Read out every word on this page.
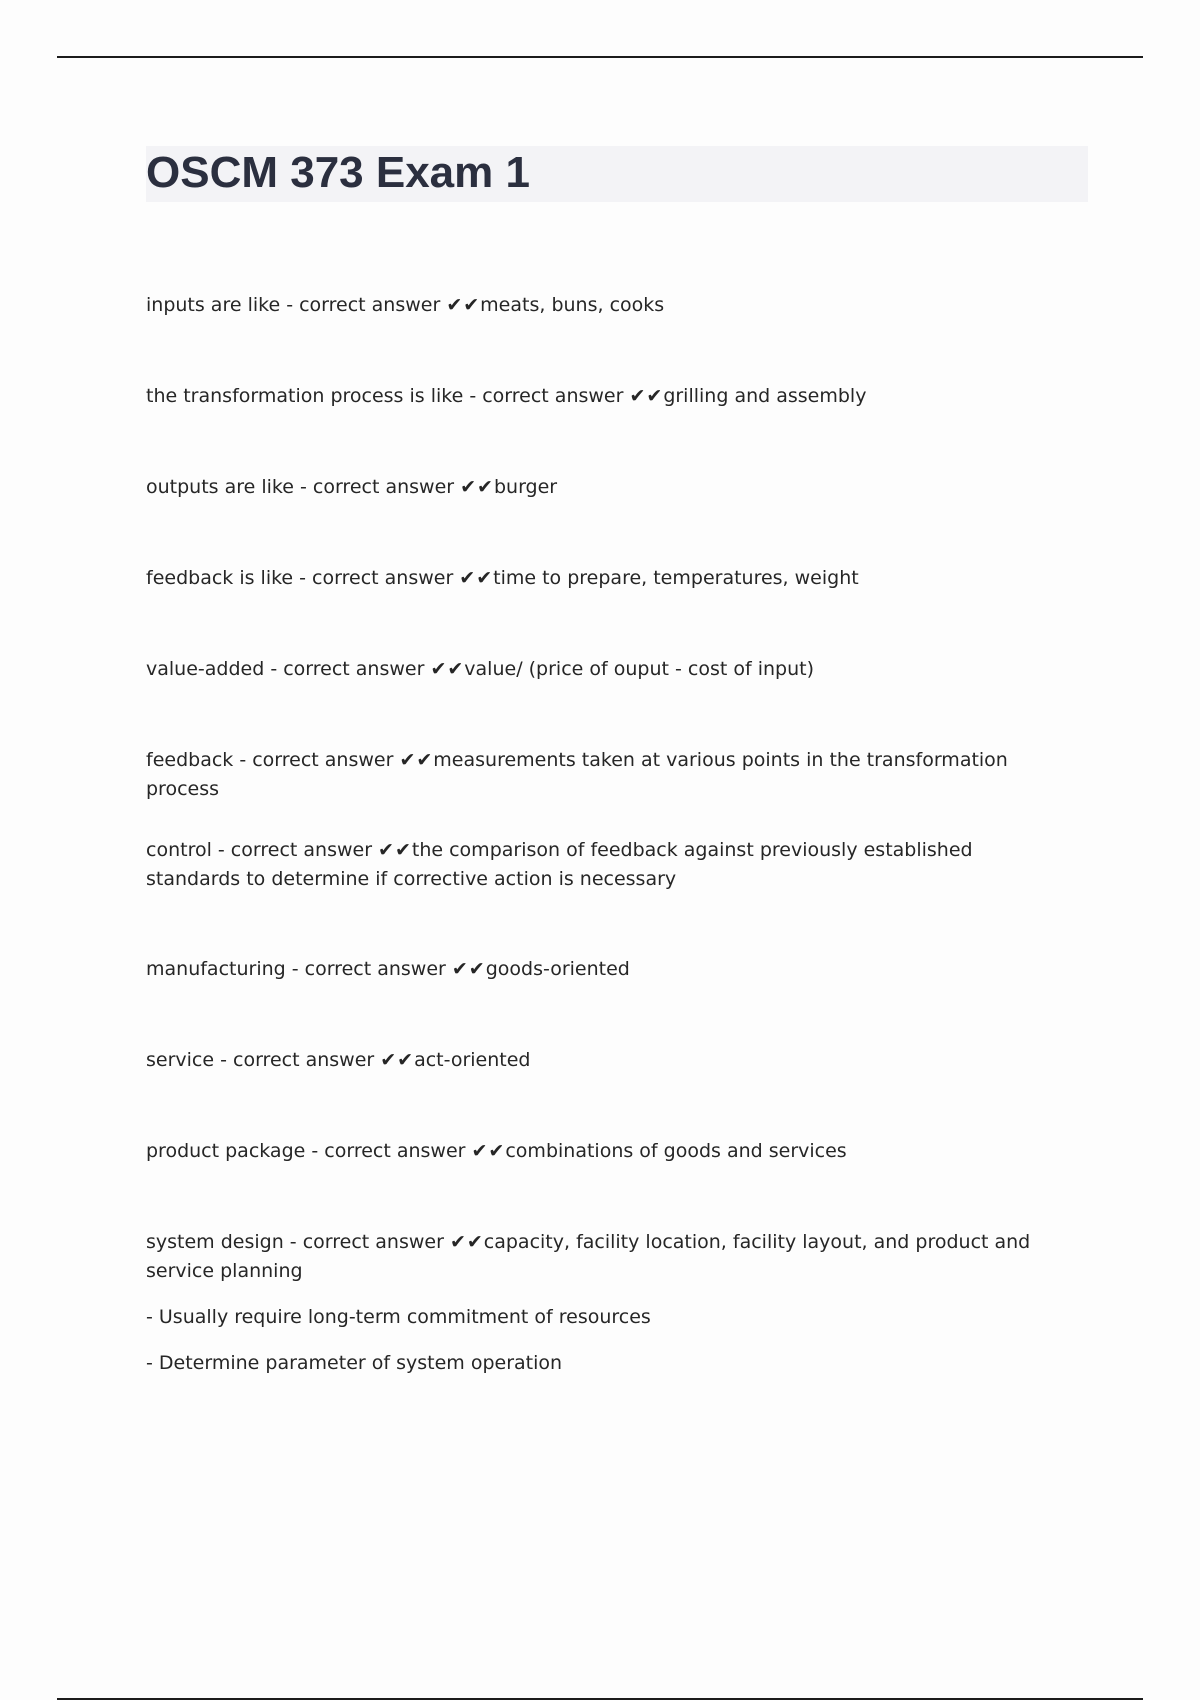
OSCM 373 Exam 1

inputs are like - correct answer ✔✔meats, buns, cooks

the transformation process is like - correct answer ✔✔grilling and assembly

outputs are like - correct answer ✔✔burger

feedback is like - correct answer ✔✔time to prepare, temperatures, weight

value-added - correct answer ✔✔value/ (price of ouput - cost of input)

feedback - correct answer ✔✔measurements taken at various points in the transformation process

control - correct answer ✔✔the comparison of feedback against previously established standards to determine if corrective action is necessary

manufacturing - correct answer ✔✔goods-oriented

service - correct answer ✔✔act-oriented

product package - correct answer ✔✔combinations of goods and services

system design - correct answer ✔✔capacity, facility location, facility layout, and product and service planning

- Usually require long-term commitment of resources

- Determine parameter of system operation
